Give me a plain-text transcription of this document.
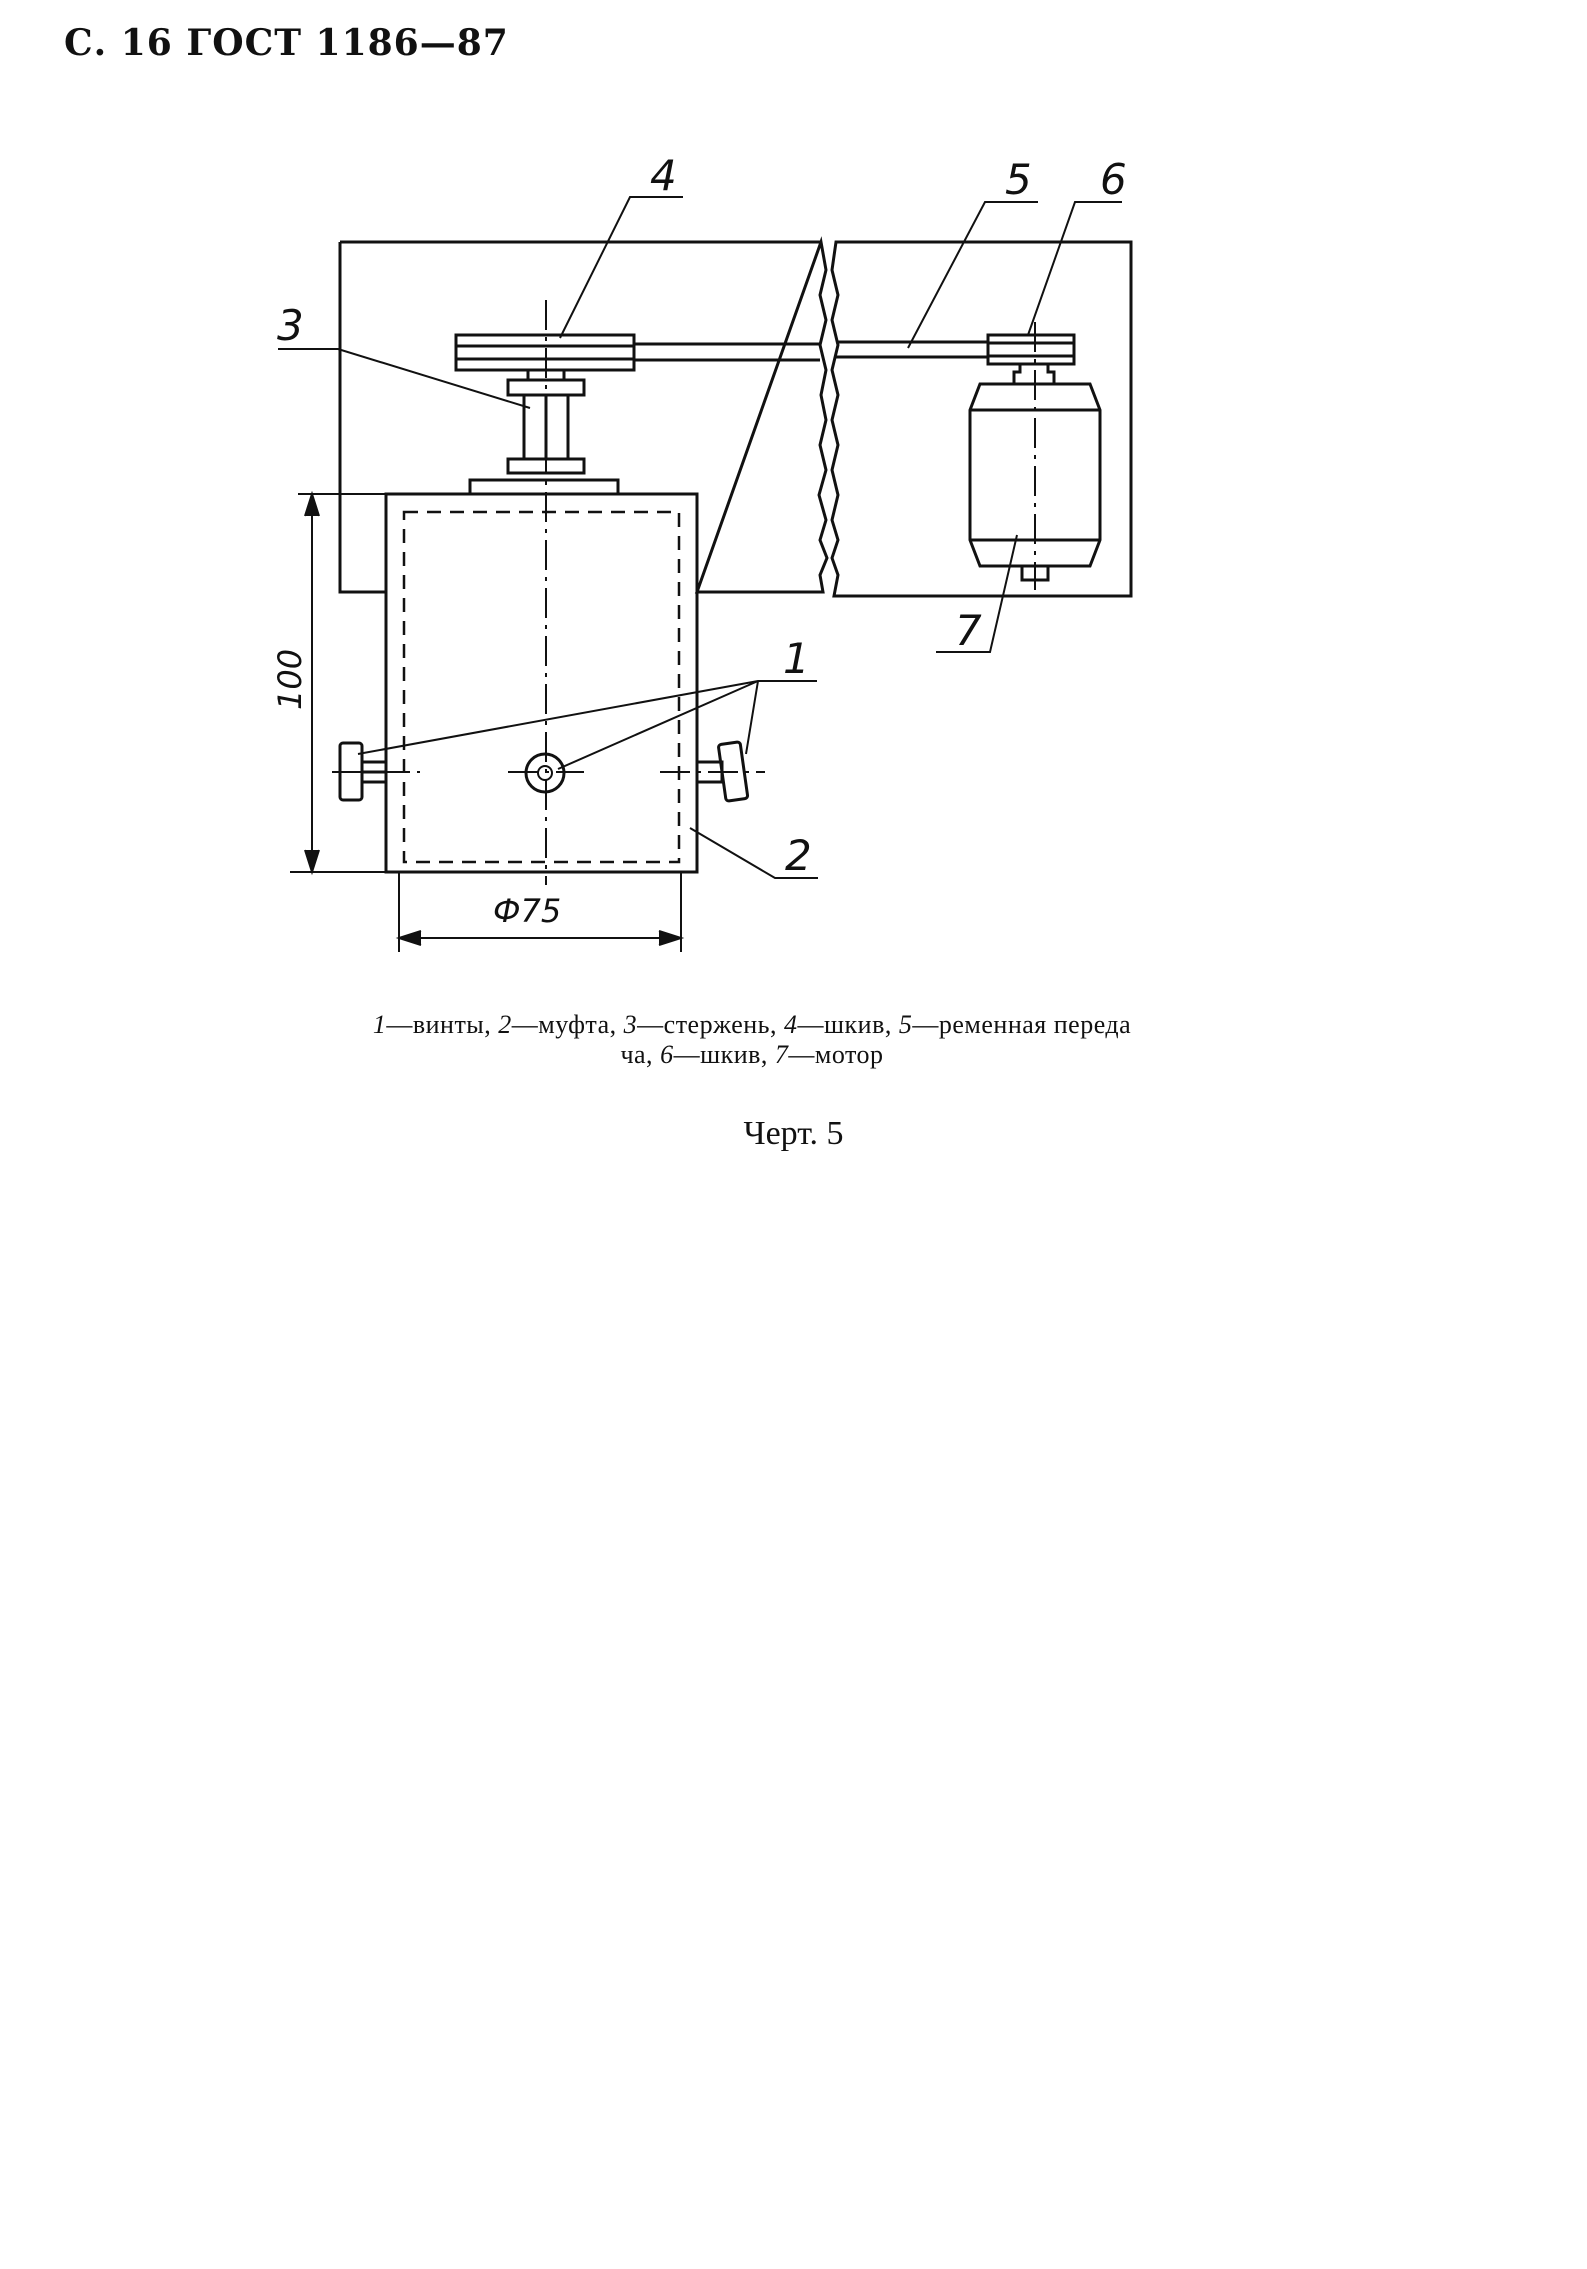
С. 16 ГОСТ 1186—87
4	5 6
3
7
1
2
100
Ф75
1—винты, 2—муфта, 3—стержень, 4—шкив, 5—ременная переда
ча, 6—шкив, 7—мотор
Черт. 5
